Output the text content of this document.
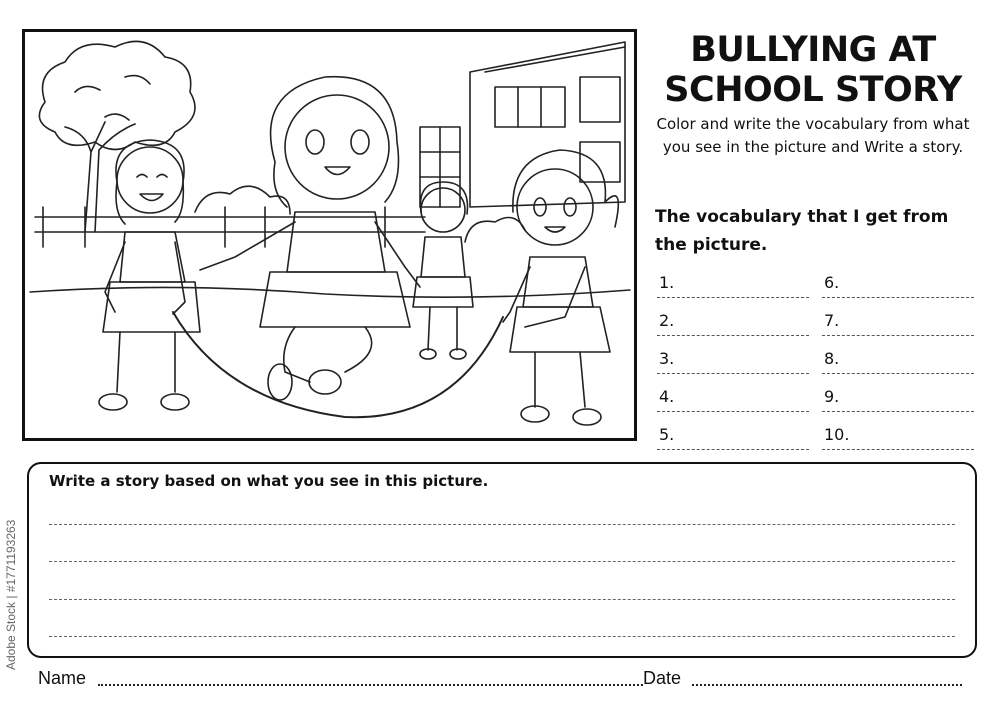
BULLYING AT SCHOOL STORY

Color and write the vocabulary from what you see in the picture and Write a story.

The vocabulary that I get from the picture.

1.
2.
3.
4.
5.
6.
7.
8.
9.
10.

Write a story based on what you see in this picture.

Name	Date
Adobe Stock | #1771193263
